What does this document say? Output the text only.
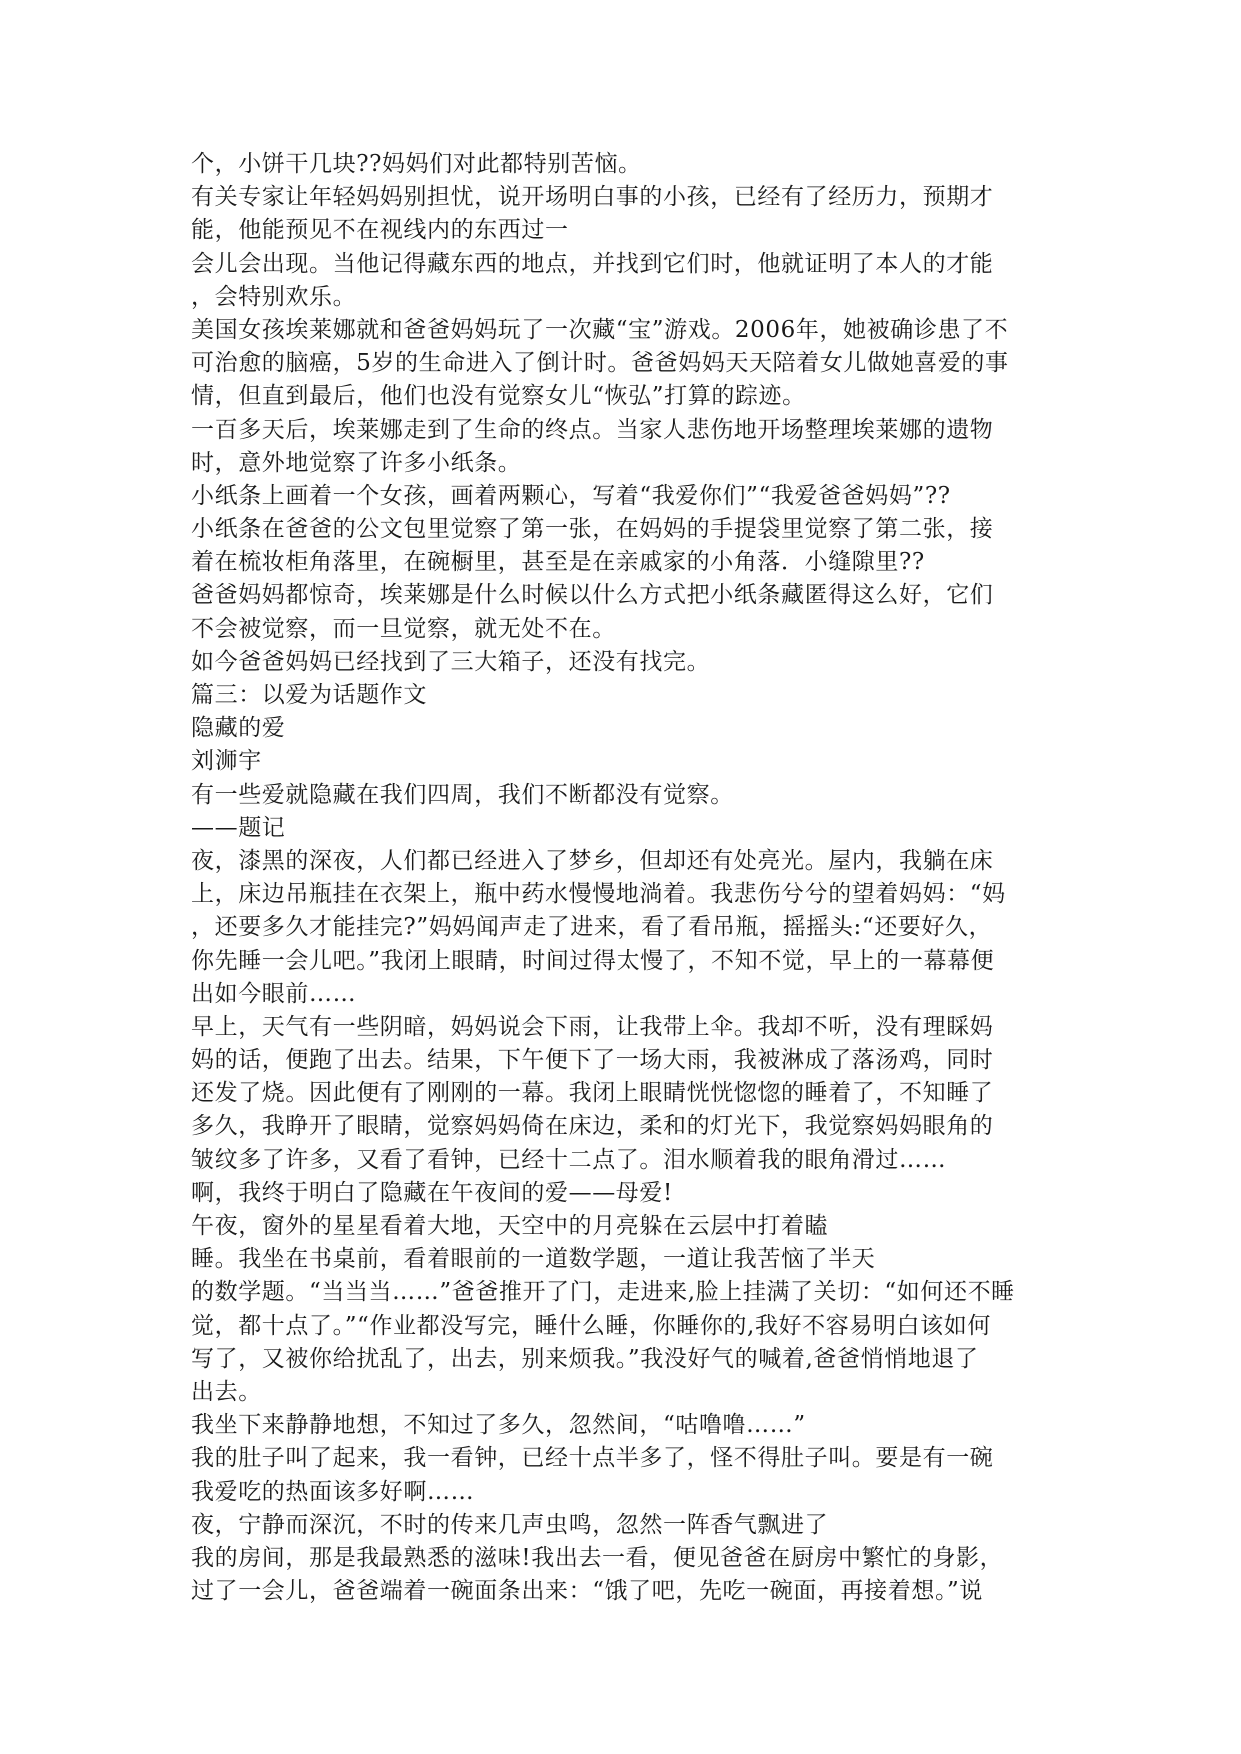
个，小饼干几块??妈妈们对此都特别苦恼。
有关专家让年轻妈妈别担忧，说开场明白事的小孩，已经有了经历力，预期才
能，他能预见不在视线内的东西过一
会儿会出现。当他记得藏东西的地点，并找到它们时，他就证明了本人的才能
，会特别欢乐。
美国女孩埃莱娜就和爸爸妈妈玩了一次藏“宝”游戏。2006年，她被确诊患了不
可治愈的脑癌，5岁的生命进入了倒计时。爸爸妈妈天天陪着女儿做她喜爱的事
情，但直到最后，他们也没有觉察女儿“恢弘”打算的踪迹。
一百多天后，埃莱娜走到了生命的终点。当家人悲伤地开场整理埃莱娜的遗物
时，意外地觉察了许多小纸条。
小纸条上画着一个女孩，画着两颗心，写着“我爱你们”“我爱爸爸妈妈”??
小纸条在爸爸的公文包里觉察了第一张，在妈妈的手提袋里觉察了第二张，接
着在梳妆柜角落里，在碗橱里，甚至是在亲戚家的小角落．小缝隙里??
爸爸妈妈都惊奇，埃莱娜是什么时候以什么方式把小纸条藏匿得这么好，它们
不会被觉察，而一旦觉察，就无处不在。
如今爸爸妈妈已经找到了三大箱子，还没有找完。
篇三：以爱为话题作文
隐藏的爱
刘浉宇
有一些爱就隐藏在我们四周，我们不断都没有觉察。
——题记
夜，漆黑的深夜，人们都已经进入了梦乡，但却还有处亮光。屋内，我躺在床
上，床边吊瓶挂在衣架上，瓶中药水慢慢地淌着。我悲伤兮兮的望着妈妈：“妈
，还要多久才能挂完?”妈妈闻声走了进来，看了看吊瓶，摇摇头:“还要好久，
你先睡一会儿吧。”我闭上眼睛，时间过得太慢了，不知不觉，早上的一幕幕便
出如今眼前……
早上，天气有一些阴暗，妈妈说会下雨，让我带上伞。我却不听，没有理睬妈
妈的话，便跑了出去。结果，下午便下了一场大雨，我被淋成了落汤鸡，同时
还发了烧。因此便有了刚刚的一幕。我闭上眼睛恍恍惚惚的睡着了，不知睡了
多久，我睁开了眼睛，觉察妈妈倚在床边，柔和的灯光下，我觉察妈妈眼角的
皱纹多了许多，又看了看钟，已经十二点了。泪水顺着我的眼角滑过……
啊，我终于明白了隐藏在午夜间的爱——母爱!
午夜，窗外的星星看着大地，天空中的月亮躲在云层中打着瞌
睡。我坐在书桌前，看着眼前的一道数学题，一道让我苦恼了半天
的数学题。“当当当……”爸爸推开了门，走进来,脸上挂满了关切：“如何还不睡
觉，都十点了。”“作业都没写完，睡什么睡，你睡你的,我好不容易明白该如何
写了，又被你给扰乱了，出去，别来烦我。”我没好气的喊着,爸爸悄悄地退了
出去。
我坐下来静静地想，不知过了多久，忽然间，“咕噜噜……”
我的肚子叫了起来，我一看钟，已经十点半多了，怪不得肚子叫。要是有一碗
我爱吃的热面该多好啊……
夜，宁静而深沉，不时的传来几声虫鸣，忽然一阵香气飘进了
我的房间，那是我最熟悉的滋味!我出去一看，便见爸爸在厨房中繁忙的身影，
过了一会儿，爸爸端着一碗面条出来：“饿了吧，先吃一碗面，再接着想。”说
